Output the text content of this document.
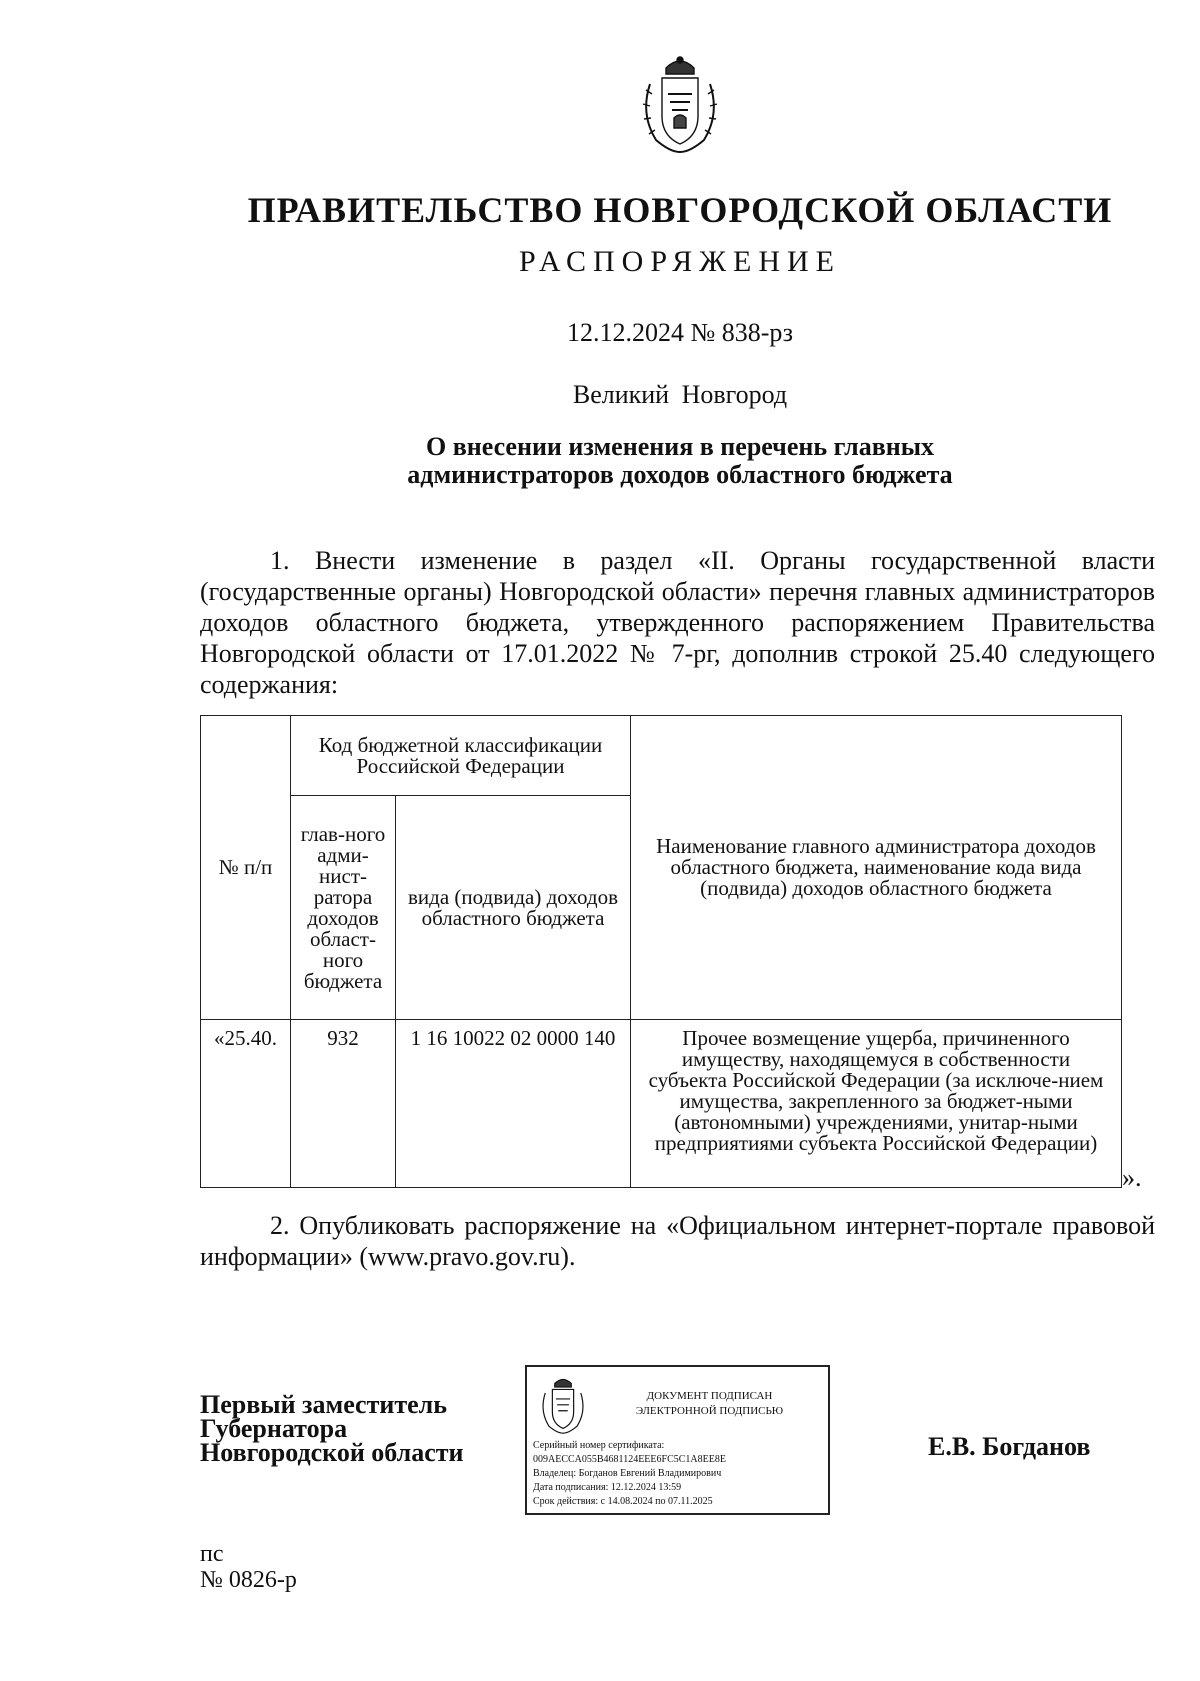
ПРАВИТЕЛЬСТВО НОВГОРОДСКОЙ ОБЛАСТИ
РАСПОРЯЖЕНИЕ
12.12.2024 № 838-рз
Великий Новгород
О внесении изменения в перечень главных
администраторов доходов областного бюджета
1. Внести изменение в раздел «II. Органы государственной власти (государственные органы) Новгородской области» перечня главных администраторов доходов областного бюджета, утвержденного распоряжением Правительства Новгородской области от 17.01.2022 № 7-рг, дополнив строкой 25.40 следующего содержания:
№ п/п	Код бюджетной классификации Российской Федерации		Наименование главного администратора доходов областного бюджета, наименование кода вида (подвида) доходов областного бюджета
	глав-ного адми-нист-ратора доходов област-ного бюджета	вида (подвида) доходов областного бюджета	
«25.40.	932	1 16 10022 02 0000 140	Прочее возмещение ущерба, причиненного имуществу, находящемуся в собственности субъекта Российской Федерации (за исключе-нием имущества, закрепленного за бюджет-ными (автономными) учреждениями, унитар-ными предприятиями субъекта Российской Федерации)
».
2. Опубликовать распоряжение на «Официальном интернет-портале правовой информации» (www.pravo.gov.ru).
Первый заместитель
Губернатора
Новгородской области
ДОКУМЕНТ ПОДПИСАН
ЭЛЕКТРОННОЙ ПОДПИСЬЮ
Серийный номер сертификата:
009AECCA055B4681124EEE6FC5C1A8EE8E
Владелец: Богданов Евгений Владимирович
Дата подписания: 12.12.2024 13:59
Срок действия: с 14.08.2024 по 07.11.2025
Е.В. Богданов
пс
№ 0826-р
